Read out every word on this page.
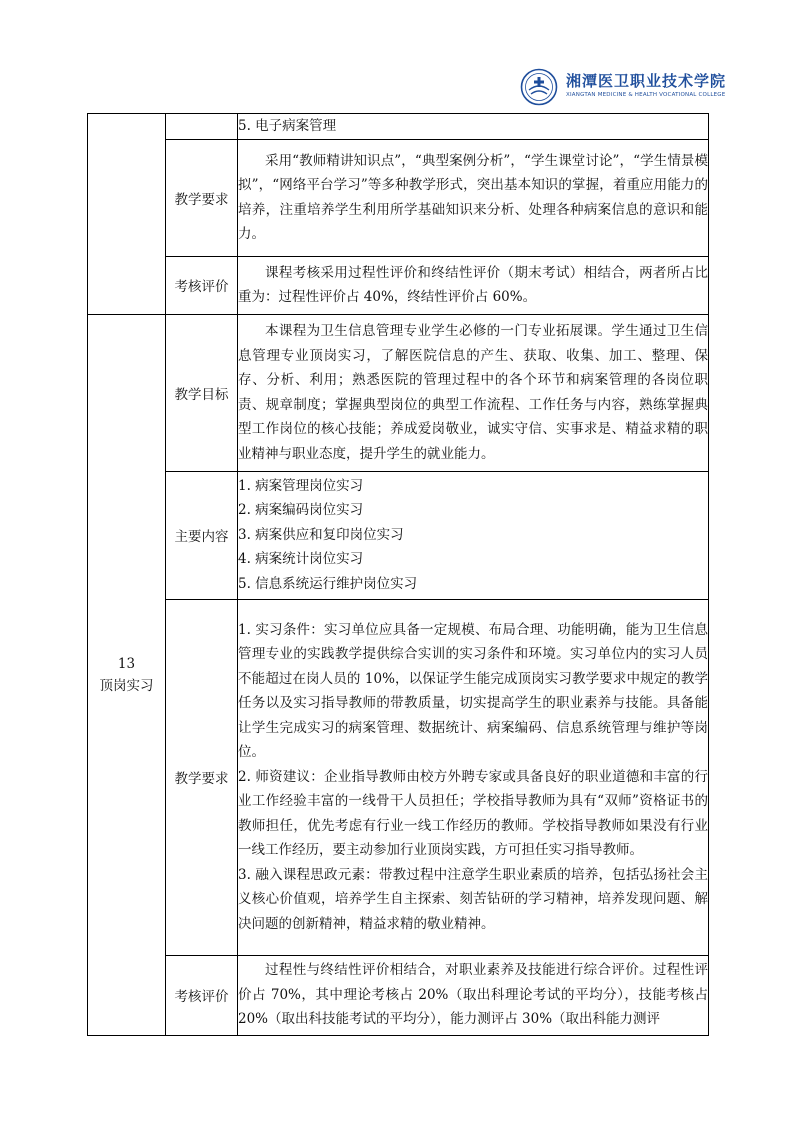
湘潭医卫职业技术学院
XIANGTAN MEDICINE & HEALTH VOCATIONAL COLLEGE
		5. 电子病案管理
	教学要求	采用“教师精讲知识点”，“典型案例分析”，“学生课堂讨论”，“学生情景模拟”，“网络平台学习”等多种教学形式，突出基本知识的掌握，着重应用能力的培养，注重培养学生利用所学基础知识来分析、处理各种病案信息的意识和能力。

	考核评价	课程考核采用过程性评价和终结性评价（期末考试）相结合，两者所占比重为：过程性评价占 40%，终结性评价占 60%。

13
顶岗实习	教学目标	本课程为卫生信息管理专业学生必修的一门专业拓展课。学生通过卫生信息管理专业顶岗实习，了解医院信息的产生、获取、收集、加工、整理、保存、分析、利用；熟悉医院的管理过程中的各个环节和病案管理的各岗位职责、规章制度；掌握典型岗位的典型工作流程、工作任务与内容，熟练掌握典型工作岗位的核心技能；养成爱岗敬业，诚实守信、实事求是、精益求精的职业精神与职业态度，提升学生的就业能力。

	主要内容	1. 病案管理岗位实习

2. 病案编码岗位实习

3. 病案供应和复印岗位实习

4. 病案统计岗位实习

5. 信息系统运行维护岗位实习

	教学要求	1. 实习条件：实习单位应具备一定规模、布局合理、功能明确，能为卫生信息管理专业的实践教学提供综合实训的实习条件和环境。实习单位内的实习人员不能超过在岗人员的 10%，以保证学生能完成顶岗实习教学要求中规定的教学任务以及实习指导教师的带教质量，切实提高学生的职业素养与技能。具备能让学生完成实习的病案管理、数据统计、病案编码、信息系统管理与维护等岗位。

2. 师资建议：企业指导教师由校方外聘专家或具备良好的职业道德和丰富的行业工作经验丰富的一线骨干人员担任；学校指导教师为具有“双师”资格证书的教师担任，优先考虑有行业一线工作经历的教师。学校指导教师如果没有行业一线工作经历，要主动参加行业顶岗实践，方可担任实习指导教师。

3. 融入课程思政元素：带教过程中注意学生职业素质的培养，包括弘扬社会主义核心价值观，培养学生自主探索、刻苦钻研的学习精神，培养发现问题、解决问题的创新精神，精益求精的敬业精神。

	考核评价	过程性与终结性评价相结合，对职业素养及技能进行综合评价。过程性评价占 70%，其中理论考核占 20%（取出科理论考试的平均分），技能考核占 20%（取出科技能考试的平均分），能力测评占 30%（取出科能力测评
